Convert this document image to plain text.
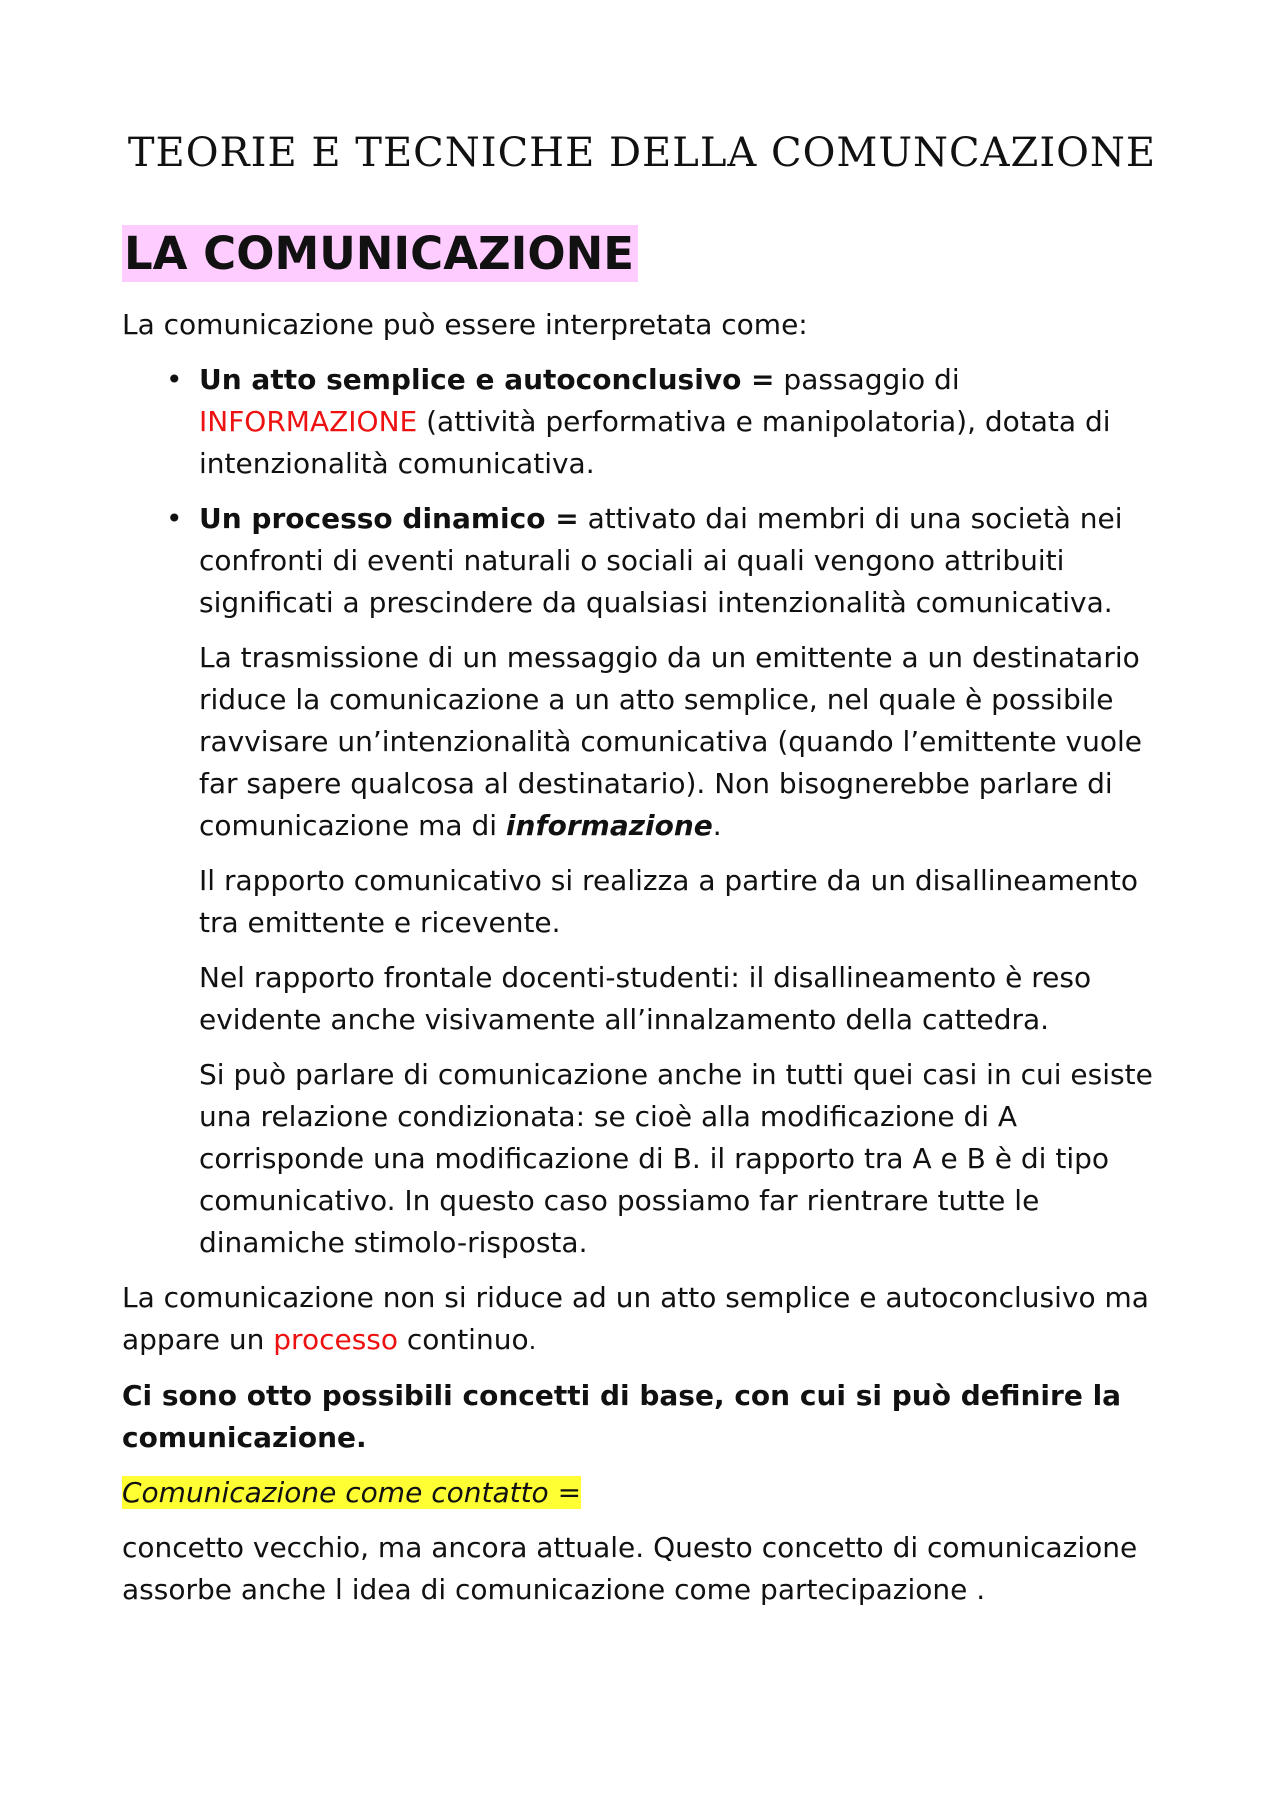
TEORIE E TECNICHE DELLA COMUNCAZIONE
LA COMUNICAZIONE

La comunicazione può essere interpretata come:

• Un atto semplice e autoconclusivo = passaggio di INFORMAZIONE (attività performativa e manipolatoria), dotata di intenzionalità comunicativa.
• Un processo dinamico = attivato dai membri di una società nei confronti di eventi naturali o sociali ai quali vengono attribuiti significati a prescindere da qualsiasi intenzionalità comunicativa.

La trasmissione di un messaggio da un emittente a un destinatario riduce la comunicazione a un atto semplice, nel quale è possibile ravvisare un’intenzionalità comunicativa (quando l’emittente vuole far sapere qualcosa al destinatario). Non bisognerebbe parlare di comunicazione ma di informazione.

Il rapporto comunicativo si realizza a partire da un disallineamento tra emittente e ricevente.

Nel rapporto frontale docenti-studenti: il disallineamento è reso evidente anche visivamente all’innalzamento della cattedra.

Si può parlare di comunicazione anche in tutti quei casi in cui esiste una relazione condizionata: se cioè alla modificazione di A corrisponde una modificazione di B. il rapporto tra A e B è di tipo comunicativo. In questo caso possiamo far rientrare tutte le dinamiche stimolo-risposta.

La comunicazione non si riduce ad un atto semplice e autoconclusivo ma appare un processo continuo.

Ci sono otto possibili concetti di base, con cui si può definire la comunicazione.

Comunicazione come contatto =

concetto vecchio, ma ancora attuale. Questo concetto di comunicazione assorbe anche l idea di comunicazione come partecipazione .
